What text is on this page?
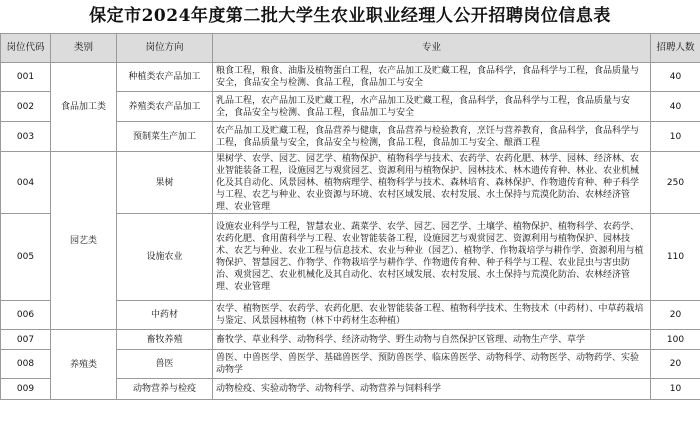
保定市2024年度第二批大学生农业职业经理人公开招聘岗位信息表
岗位代码	类别	岗位方向	专业	招聘人数
001	食品加工类	种植类农产品加工	粮食工程，粮食、油脂及植物蛋白工程，农产品加工及贮藏工程，食品科学，食品科学与工程，食品质量与安全，食品安全与检测、食品工程，食品加工与安全	40
002		养殖类农产品加工	乳品工程，农产品加工及贮藏工程，水产品加工及贮藏工程，食品科学，食品科学与工程，食品质量与安全，食品安全与检测、食品工程，食品加工与安全	40
003		预制菜生产加工	农产品加工及贮藏工程，食品营养与健康，食品营养与检验教育，烹饪与营养教育，食品科学，食品科学与工程，食品质量与安全，食品安全与检测，食品工程，食品加工与安全、酿酒工程	10
004	园艺类	果树	果树学、农学、园艺、园艺学、植物保护、植物科学与技术、农药学、农药化肥、林学、园林、经济林、农业智能装备工程，设施园艺与观赏园艺、资源利用与植物保护、园林技术、林木遗传育种、林业、农业机械化及其自动化、风景园林、植物病理学、植物科学与技术、森林培育、森林保护、作物遗传育种、种子科学与工程、农艺与种业、农业资源与环境、农村区域发展、农村发展、水土保持与荒漠化防治、农林经济管理、农业管理	250
005		设施农业	设施农业科学与工程，智慧农业、蔬菜学、农学、园艺、园艺学、土壤学、植物保护、植物科学、农药学、农药化肥、食用菌科学与工程、农业智能装备工程，设施园艺与观赏园艺、资源利用与植物保护、园林技术、农艺与种业、农业工程与信息技术、农业与种业（园艺）、植物学、作物栽培学与耕作学、资源利用与植物保护、智慧园艺、作物学、作物栽培学与耕作学、作物遗传育种、种子科学与工程、农业昆虫与害虫防治、观赏园艺、农业机械化及其自动化、农村区域发展、农村发展、水土保持与荒漠化防治、农林经济管理、农业管理	110
006		中药材	农学、植物医学、农药学、农药化肥、农业智能装备工程、植物科学技术、生物技术（中药材）、中草药栽培与鉴定、风景园林植物（林下中药材生态种植）	20
007	养殖类	畜牧养殖	畜牧学、草业科学、动物科学、经济动物学、野生动物与自然保护区管理、动物生产学、草学	100
008		兽医	兽医、中兽医学、兽医学、基础兽医学、预防兽医学、临床兽医学、动物科学、动物医学、动物药学、实验动物学	20
009		动物营养与检疫	动物检疫、实验动物学、动物科学、动物营养与饲料科学	10
